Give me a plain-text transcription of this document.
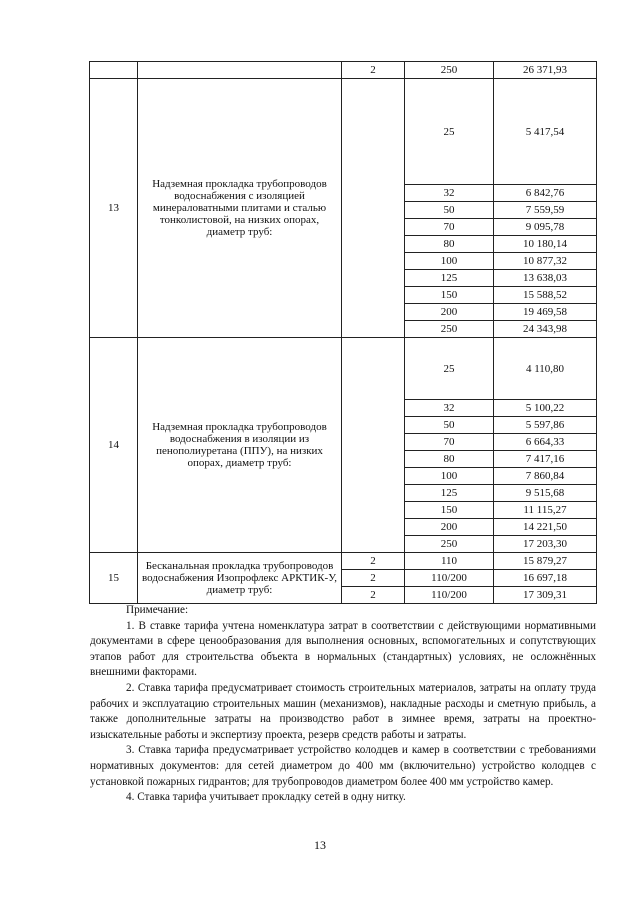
		2	250	26 371,93
13	Надземная прокладка трубопроводов водоснабжения с изоляцией минераловатными плитами и сталью тонколистовой, на низких опорах, диаметр труб:		25	5 417,54
			32	6 842,76
			50	7 559,59
			70	9 095,78
			80	10 180,14
			100	10 877,32
			125	13 638,03
			150	15 588,52
			200	19 469,58
			250	24 343,98
14	Надземная прокладка трубопроводов водоснабжения в изоляции из пенополиуретана (ППУ), на низких опорах, диаметр труб:		25	4 110,80
			32	5 100,22
			50	5 597,86
			70	6 664,33
			80	7 417,16
			100	7 860,84
			125	9 515,68
			150	11 115,27
			200	14 221,50
			250	17 203,30
15	Бесканальная прокладка трубопроводов водоснабжения Изопрофлекс АРКТИК-У, диаметр труб:	2	110	15 879,27
		2	110/200	16 697,18
		2	110/200	17 309,31

Примечание:

1. В ставке тарифа учтена номенклатура затрат в соответствии с действующими нормативными документами в сфере ценообразования для выполнения основных, вспомогательных и сопутствующих этапов работ для строительства объекта в нормальных (стандартных) условиях, не осложнённых внешними факторами.

2. Ставка тарифа предусматривает стоимость строительных материалов, затраты на оплату труда рабочих и эксплуатацию строительных машин (механизмов), накладные расходы и сметную прибыль, а также дополнительные затраты на производство работ в зимнее время, затраты на проектно-изыскательные работы и экспертизу проекта, резерв средств работы и затраты.

3. Ставка тарифа предусматривает устройство колодцев и камер в соответствии с требованиями нормативных документов: для сетей диаметром до 400 мм (включительно) устройство колодцев с установкой пожарных гидрантов; для трубопроводов диаметром более 400 мм устройство камер.

4. Ставка тарифа учитывает прокладку сетей в одну нитку.

13
